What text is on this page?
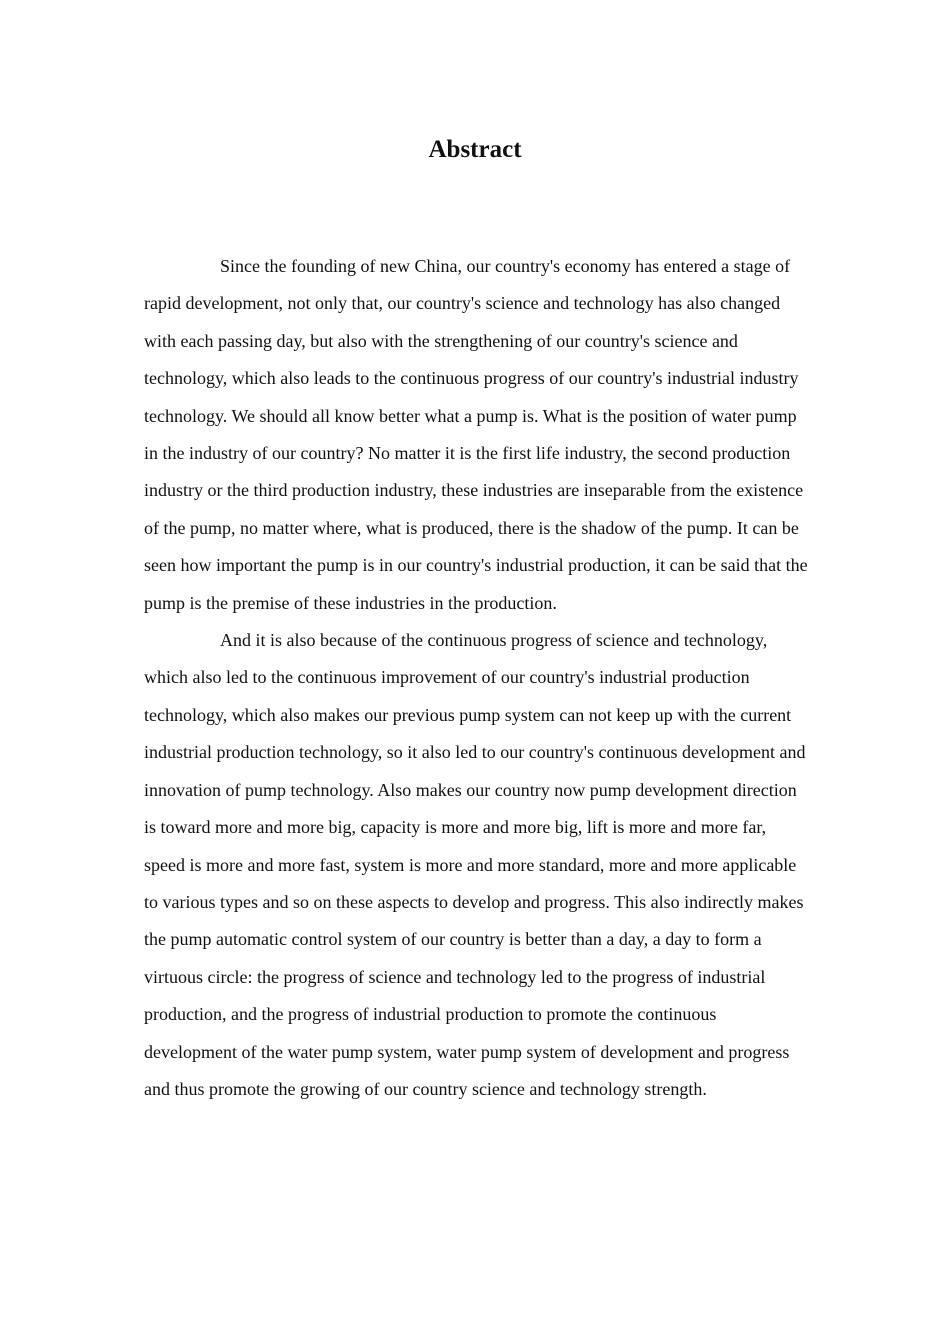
Abstract

Since the founding of new China, our country's economy has entered a stage of rapid development, not only that, our country's science and technology has also changed with each passing day, but also with the strengthening of our country's science and technology, which also leads to the continuous progress of our country's industrial industry technology. We should all know better what a pump is. What is the position of water pump in the industry of our country? No matter it is the first life industry, the second production industry or the third production industry, these industries are inseparable from the existence of the pump, no matter where, what is produced, there is the shadow of the pump. It can be seen how important the pump is in our country's industrial production, it can be said that the pump is the premise of these industries in the production.

And it is also because of the continuous progress of science and technology, which also led to the continuous improvement of our country's industrial production technology, which also makes our previous pump system can not keep up with the current industrial production technology, so it also led to our country's continuous development and innovation of pump technology. Also makes our country now pump development direction is toward more and more big, capacity is more and more big, lift is more and more far, speed is more and more fast, system is more and more standard, more and more applicable to various types and so on these aspects to develop and progress. This also indirectly makes the pump automatic control system of our country is better than a day, a day to form a virtuous circle: the progress of science and technology led to the progress of industrial production, and the progress of industrial production to promote the continuous development of the water pump system, water pump system of development and progress and thus promote the growing of our country science and technology strength.
